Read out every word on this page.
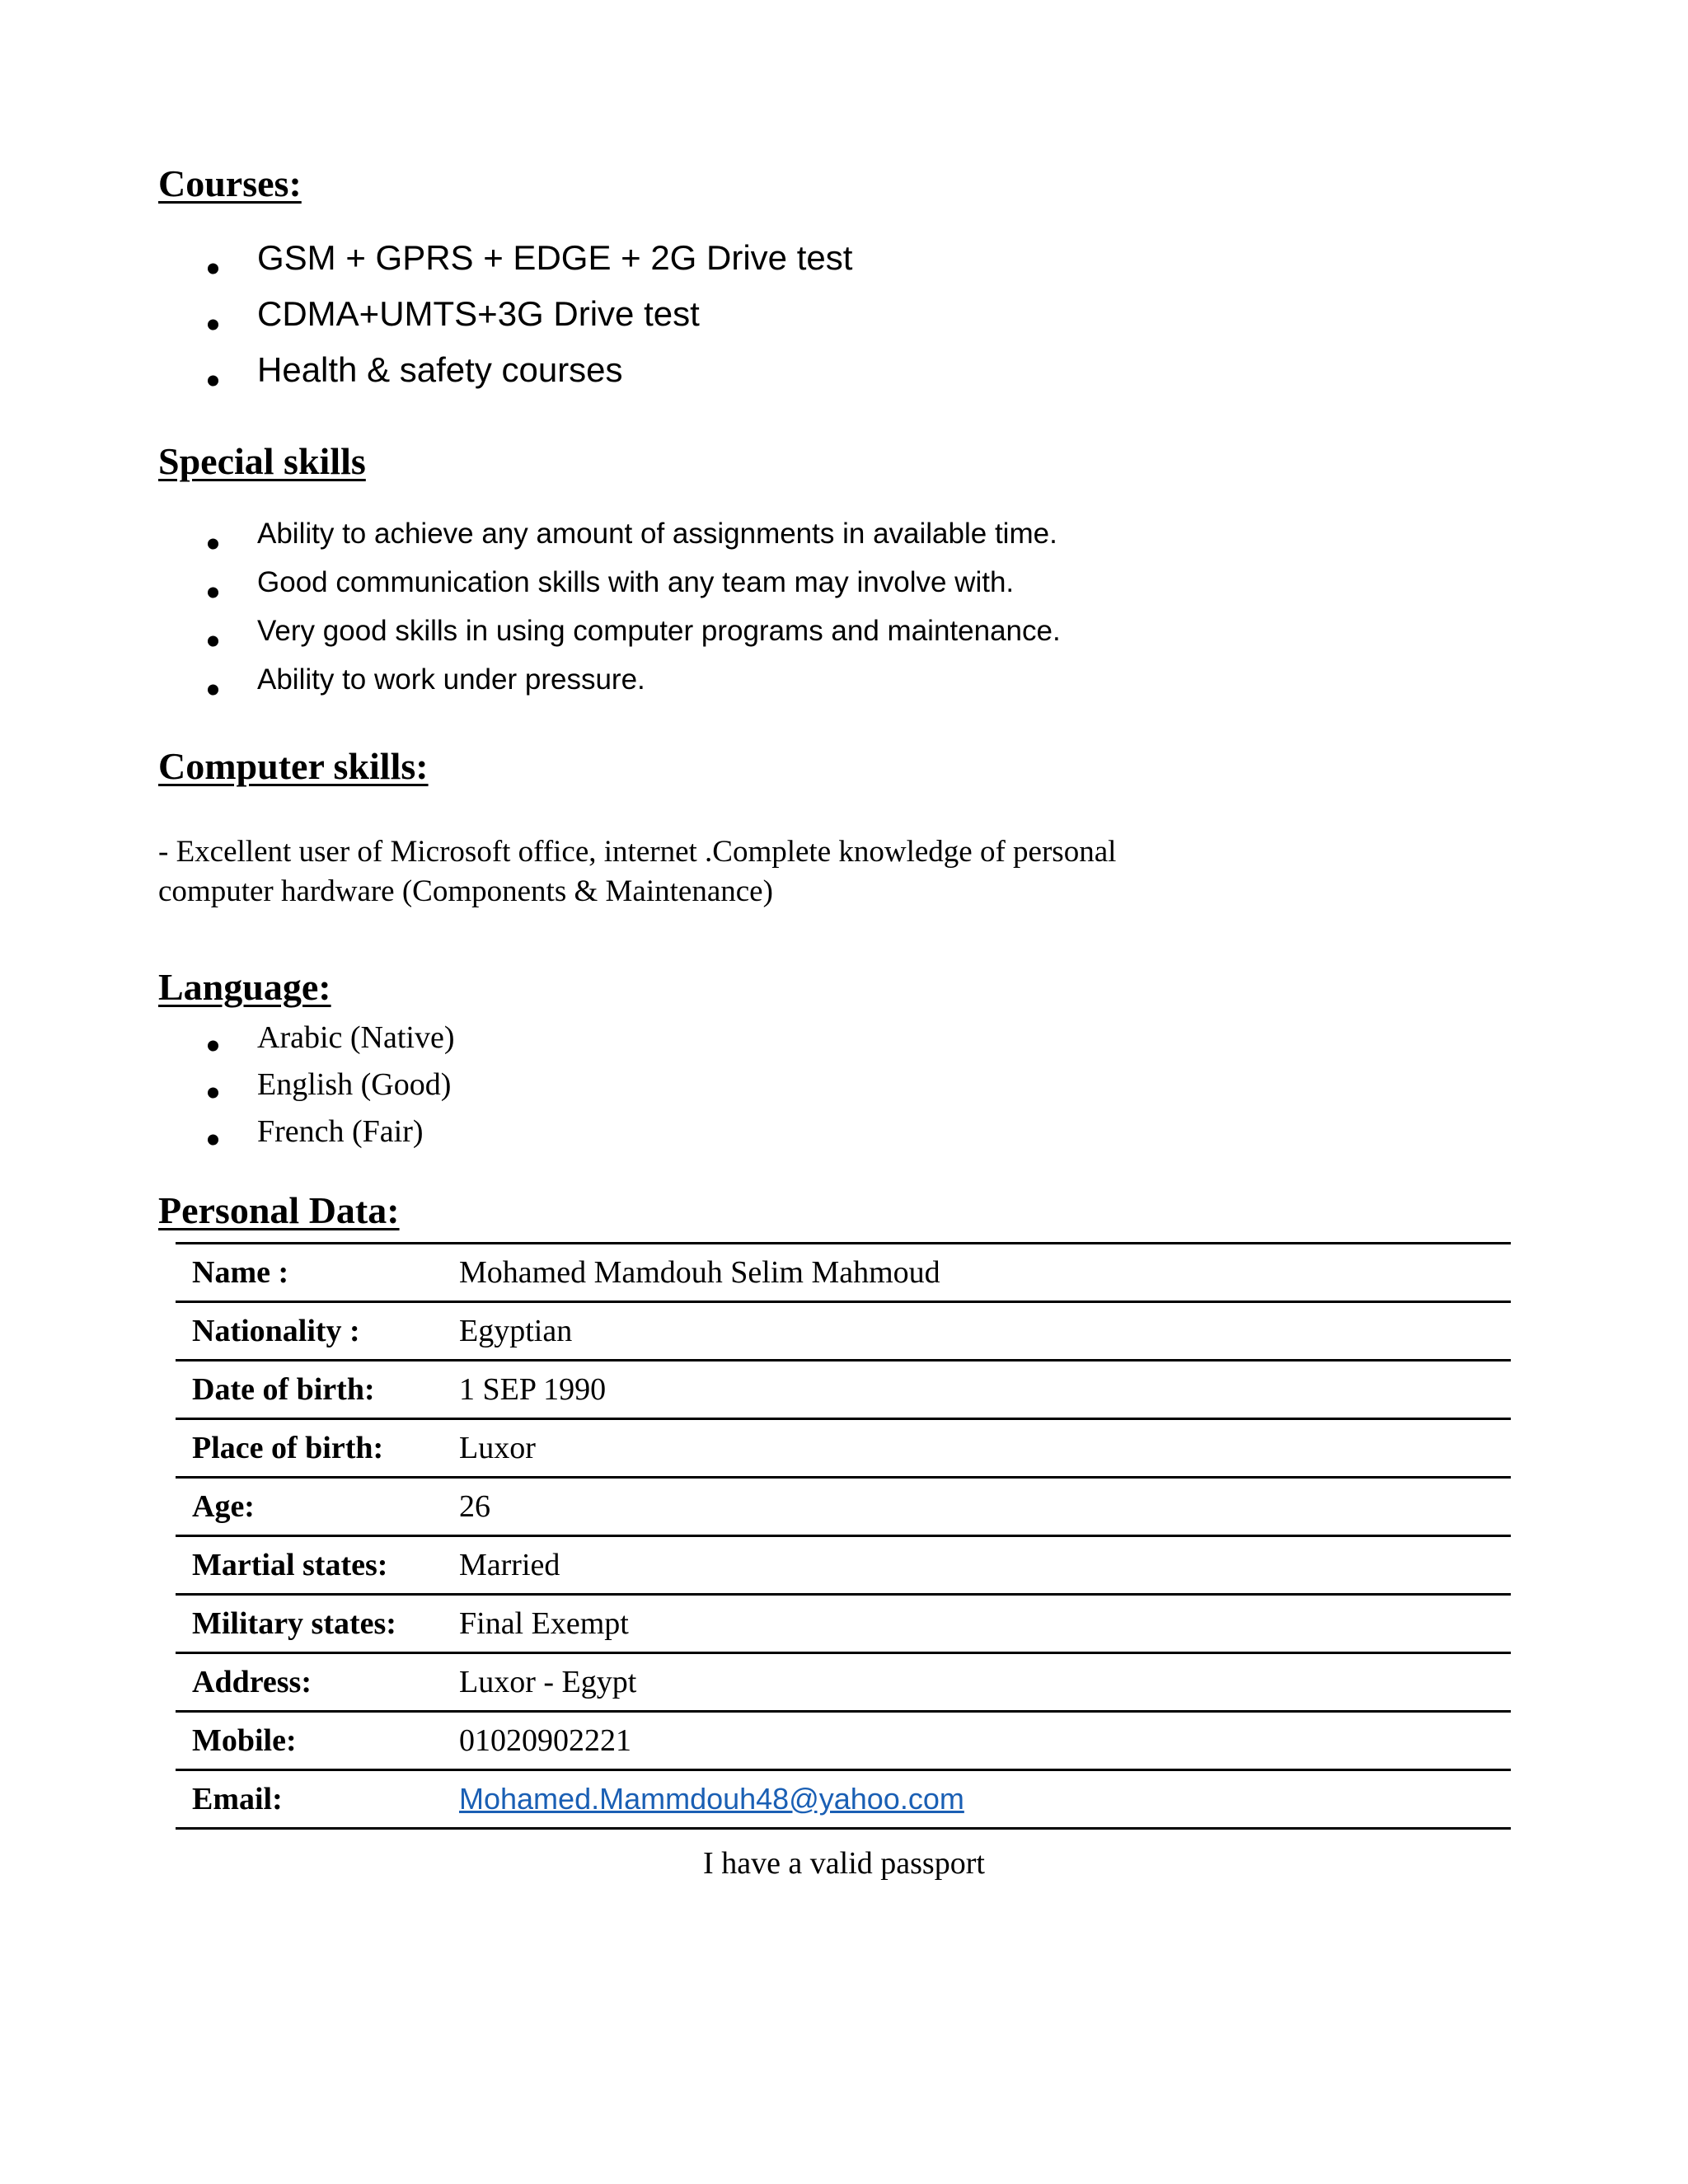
Courses:
GSM + GPRS + EDGE + 2G Drive test
CDMA+UMTS+3G Drive test
Health & safety courses
Special skills
Ability to achieve any amount of assignments in available time.
Good communication skills with any team may involve with.
Very good skills in using computer programs and maintenance.
Ability to work under pressure.
Computer skills:

- Excellent user of Microsoft office, internet .Complete knowledge of personal computer hardware (Components & Maintenance)

Language:
Arabic (Native)
English (Good)
French (Fair)
Personal Data:
Name :	Mohamed Mamdouh Selim Mahmoud
Nationality :	Egyptian
Date of birth:	1 SEP 1990
Place of birth:	Luxor
Age:	26
Martial states:	Married
Military states:	Final Exempt
Address:	Luxor - Egypt
Mobile:	01020902221
Email:	Mohamed.Mammdouh48@yahoo.com
I have a valid passport
